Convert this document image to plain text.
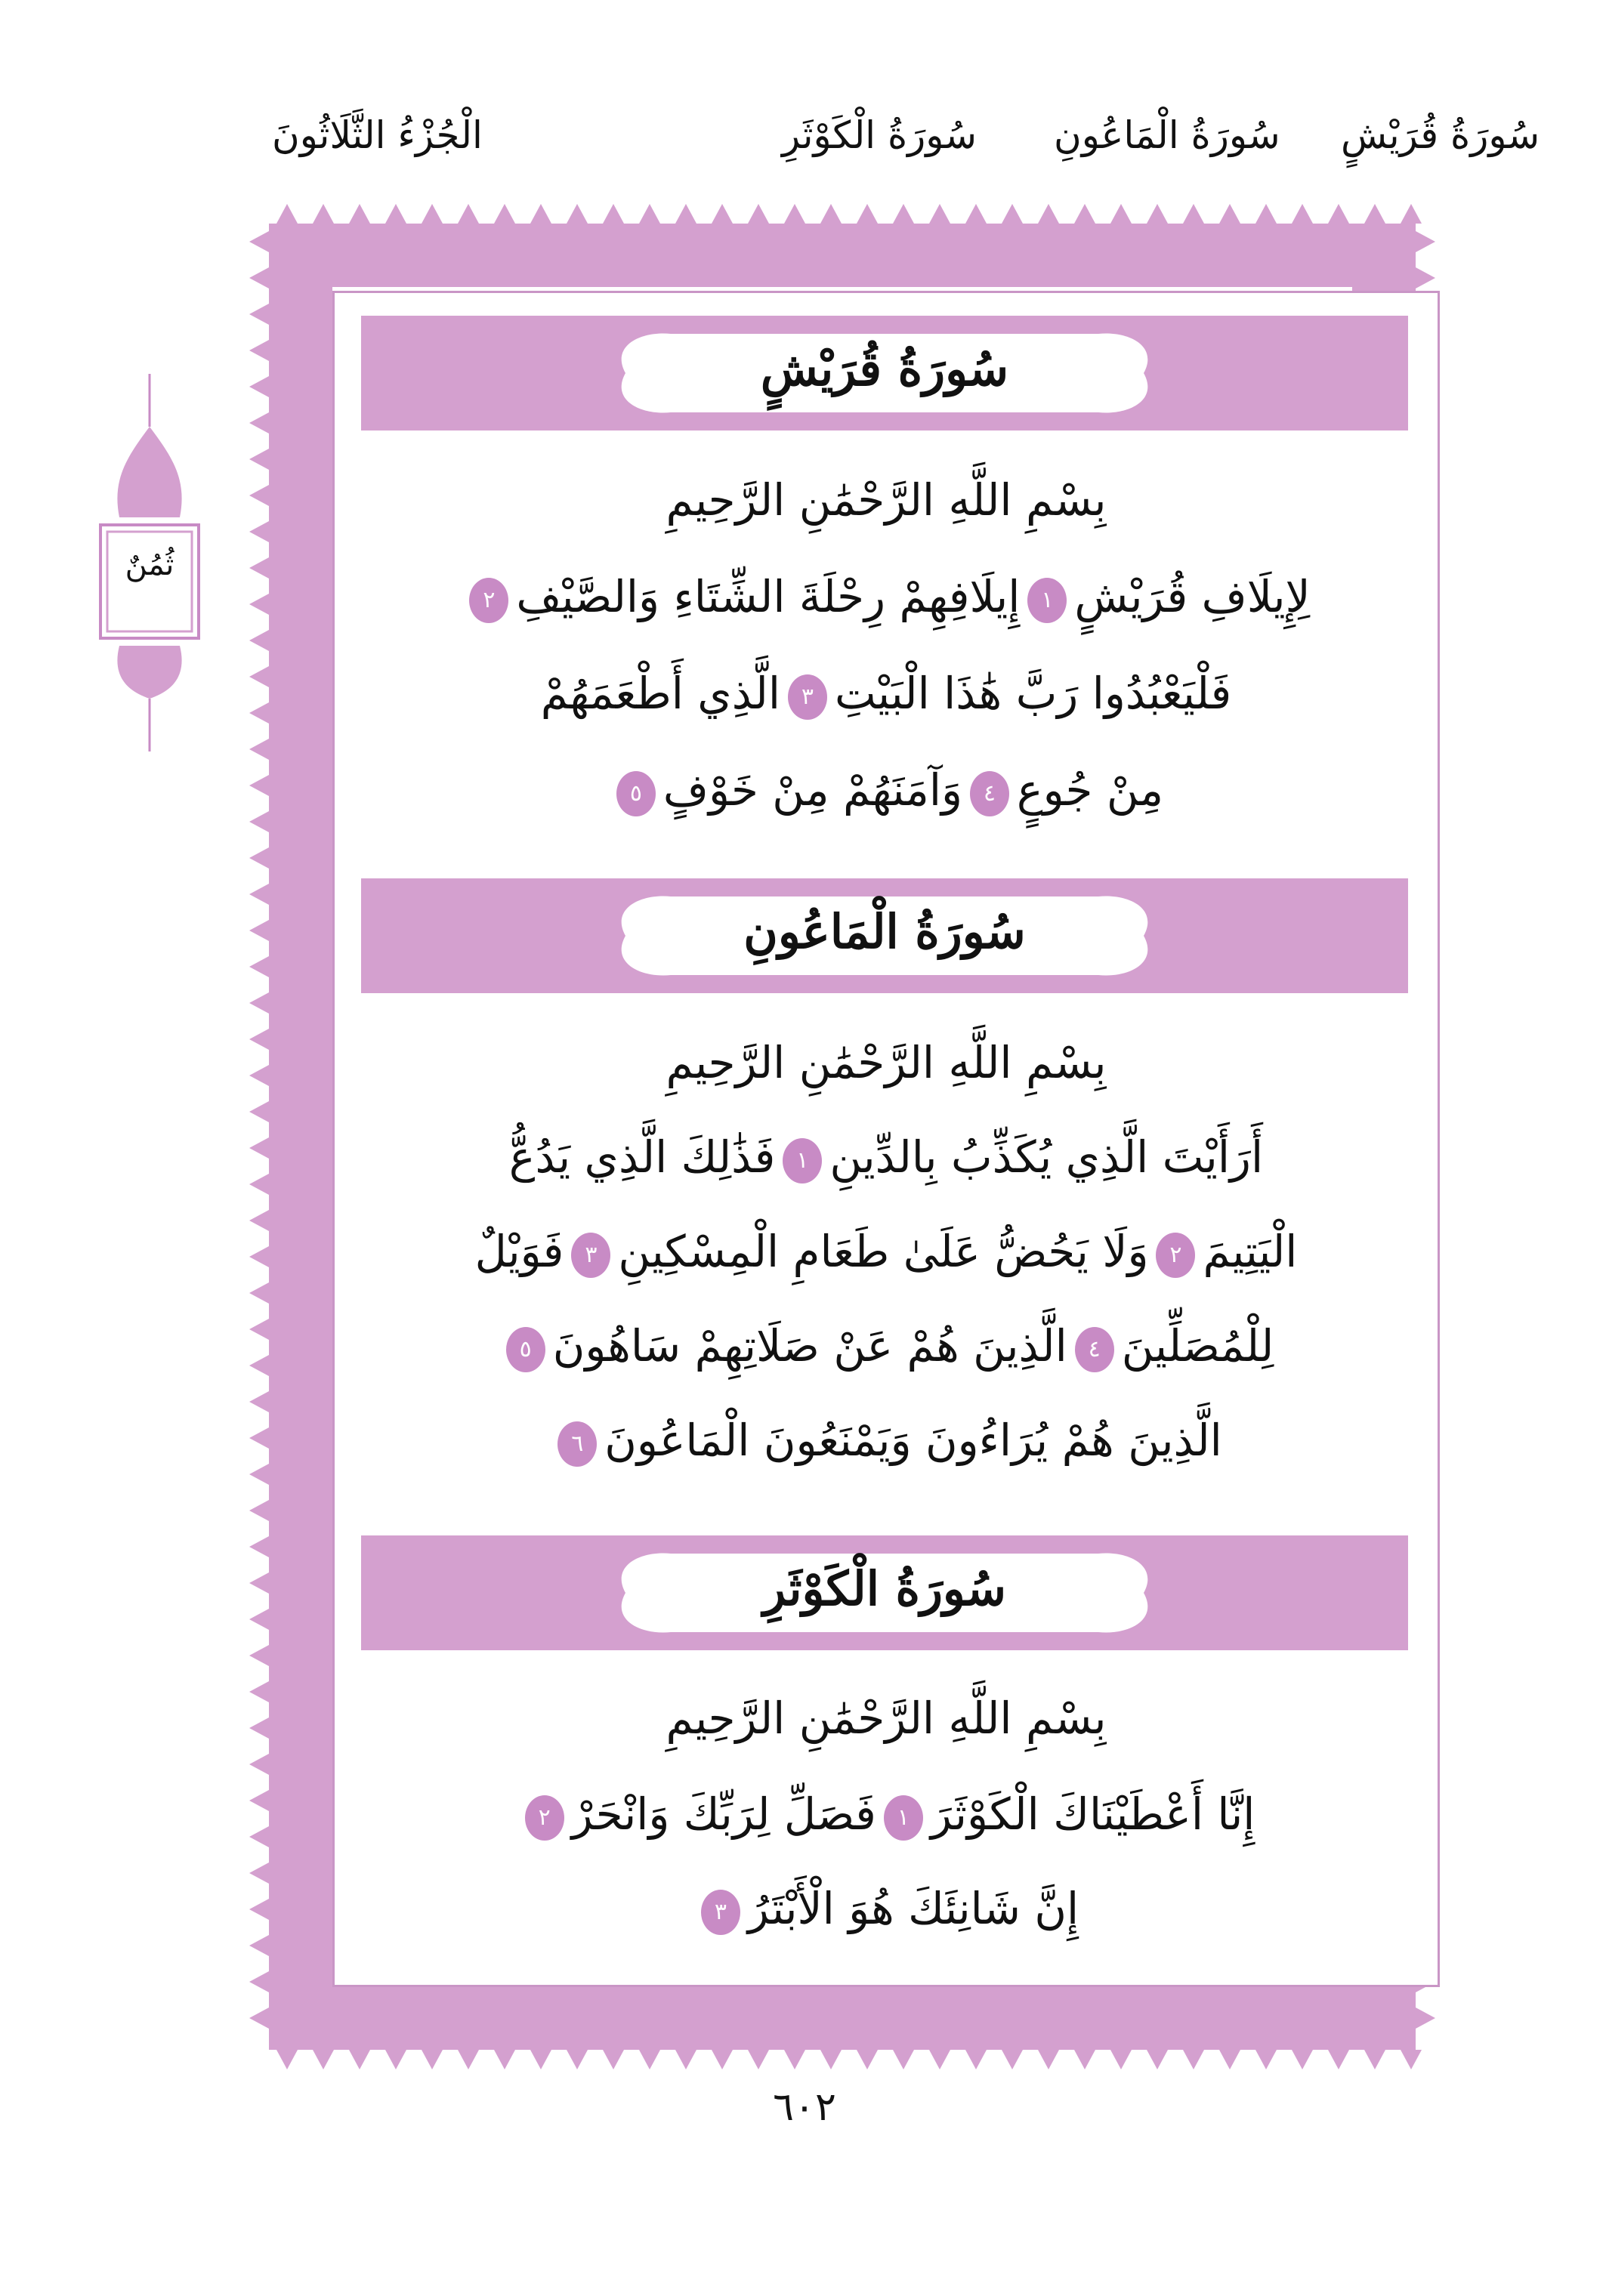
سُورَةُ قُرَيْشٍ
سُورَةُ الْمَاعُونِ
سُورَةُ الْكَوْثَرِ
الْجُزْءُ الثَّلَاثُونَ
ثُمُنٌ
سُورَةُ قُرَيْشٍ
بِسْمِ اللَّهِ الرَّحْمَٰنِ الرَّحِيمِ
لِإِيلَافِ قُرَيْشٍ١إِيلَافِهِمْ رِحْلَةَ الشِّتَاءِ وَالصَّيْفِ٢
فَلْيَعْبُدُوا رَبَّ هَٰذَا الْبَيْتِ٣الَّذِي أَطْعَمَهُمْ
مِنْ جُوعٍ٤وَآمَنَهُمْ مِنْ خَوْفٍ٥
سُورَةُ الْمَاعُونِ
بِسْمِ اللَّهِ الرَّحْمَٰنِ الرَّحِيمِ
أَرَأَيْتَ الَّذِي يُكَذِّبُ بِالدِّينِ١فَذَٰلِكَ الَّذِي يَدُعُّ
الْيَتِيمَ٢وَلَا يَحُضُّ عَلَىٰ طَعَامِ الْمِسْكِينِ٣فَوَيْلٌ
لِلْمُصَلِّينَ٤الَّذِينَ هُمْ عَنْ صَلَاتِهِمْ سَاهُونَ٥
الَّذِينَ هُمْ يُرَاءُونَ وَيَمْنَعُونَ الْمَاعُونَ٦
سُورَةُ الْكَوْثَرِ
بِسْمِ اللَّهِ الرَّحْمَٰنِ الرَّحِيمِ
إِنَّا أَعْطَيْنَاكَ الْكَوْثَرَ١فَصَلِّ لِرَبِّكَ وَانْحَرْ٢
إِنَّ شَانِئَكَ هُوَ الْأَبْتَرُ٣
٦٠٢
